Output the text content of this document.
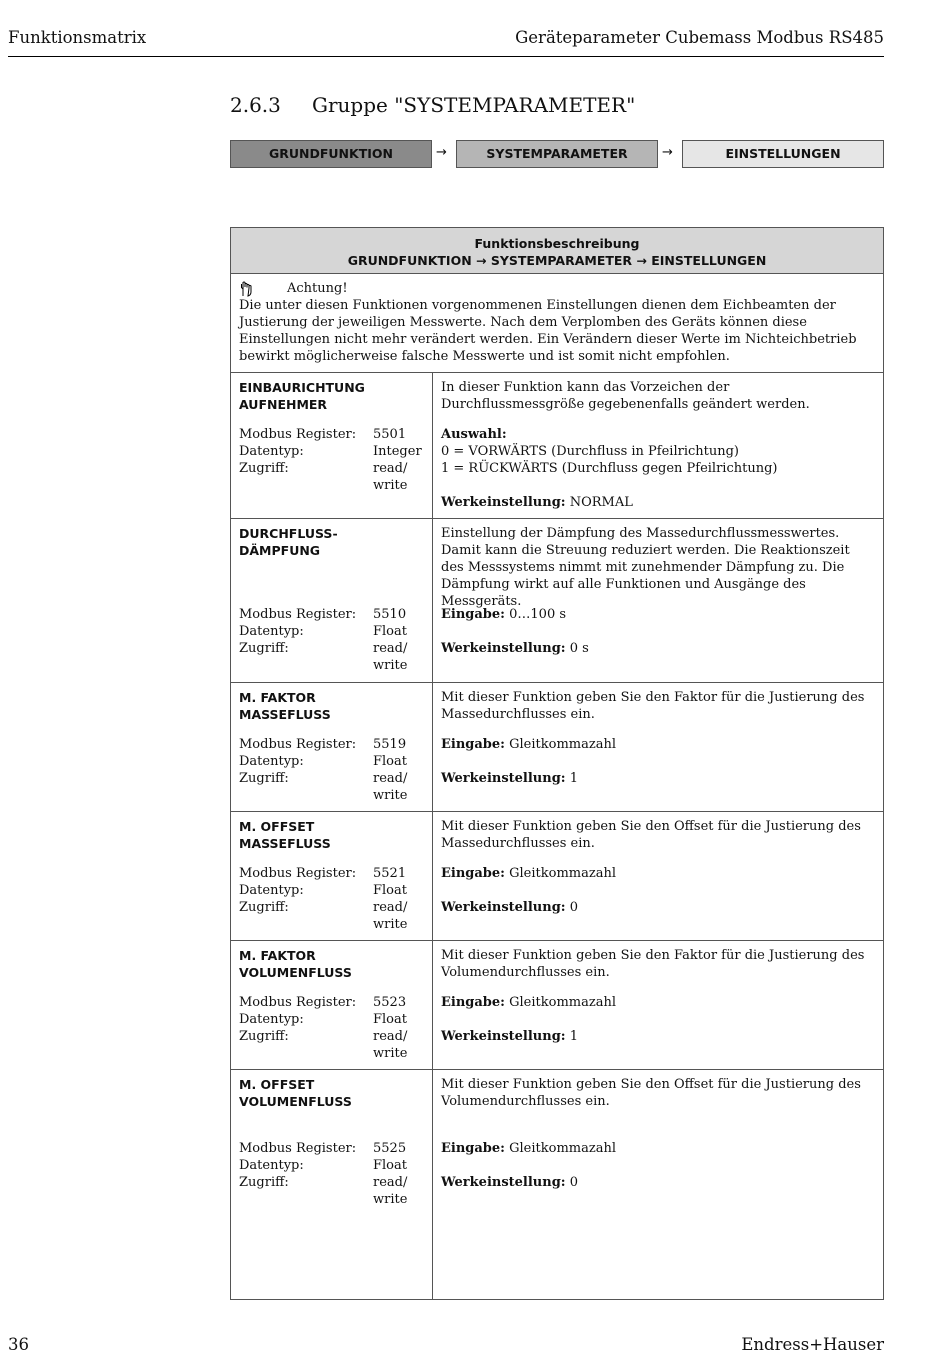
Funktionsmatrix	Geräteparameter Cubemass Modbus RS485
2.6.3 Gruppe "SYSTEMPARAMETER"
GRUNDFUNKTION	→	SYSTEMPARAMETER	→	EINSTELLUNGEN
Funktionsbeschreibung
GRUNDFUNKTION → SYSTEMPARAMETER → EINSTELLUNGEN
Achtung!
Die unter diesen Funktionen vorgenommenen Einstellungen dienen dem Eichbeamten der Justierung der jeweiligen Messwerte. Nach dem Verplomben des Geräts können diese Einstellungen nicht mehr verändert werden. Ein Verändern dieser Werte im Nichteichbetrieb bewirkt möglicherweise falsche Messwerte und ist somit nicht empfohlen.
EINBAURICHTUNG
AUFNEHMER
Modbus Register: 5501
Datentyp:	Integer
Zugriff:	read/
write
In dieser Funktion kann das Vorzeichen der Durchflussmessgröße gegebenenfalls geändert werden.
Auswahl:
0 = VORWÄRTS (Durchfluss in Pfeilrichtung)
1 = RÜCKWÄRTS (Durchfluss gegen Pfeilrichtung)
Werkeinstellung: NORMAL
DURCHFLUSS-
DÄMPFUNG
Modbus Register: 5510
Datentyp:	Float
Zugriff:	read/
write
Einstellung der Dämpfung des Massedurchflussmesswertes. Damit kann die Streuung reduziert werden. Die Reaktionszeit des Messsystems nimmt mit zunehmender Dämpfung zu. Die Dämpfung wirkt auf alle Funktionen und Ausgänge des Messgeräts.
Eingabe: 0…100 s
Werkeinstellung: 0 s
M. FAKTOR
MASSEFLUSS
Modbus Register: 5519
Datentyp:	Float
Zugriff:	read/
write
Mit dieser Funktion geben Sie den Faktor für die Justierung des Massedurchflusses ein.
Eingabe: Gleitkommazahl
Werkeinstellung: 1
M. OFFSET
MASSEFLUSS
Modbus Register: 5521
Datentyp:	Float
Zugriff:	read/
write
Mit dieser Funktion geben Sie den Offset für die Justierung des Massedurchflusses ein.
Eingabe: Gleitkommazahl
Werkeinstellung: 0
M. FAKTOR
VOLUMENFLUSS
Modbus Register: 5523
Datentyp:	Float
Zugriff:	read/
write
Mit dieser Funktion geben Sie den Faktor für die Justierung des Volumendurchflusses ein.
Eingabe: Gleitkommazahl
Werkeinstellung: 1
M. OFFSET
VOLUMENFLUSS
Modbus Register: 5525
Datentyp:	Float
Zugriff:	read/
write
Mit dieser Funktion geben Sie den Offset für die Justierung des Volumendurchflusses ein.
Eingabe: Gleitkommazahl
Werkeinstellung: 0
36	Endress+Hauser
